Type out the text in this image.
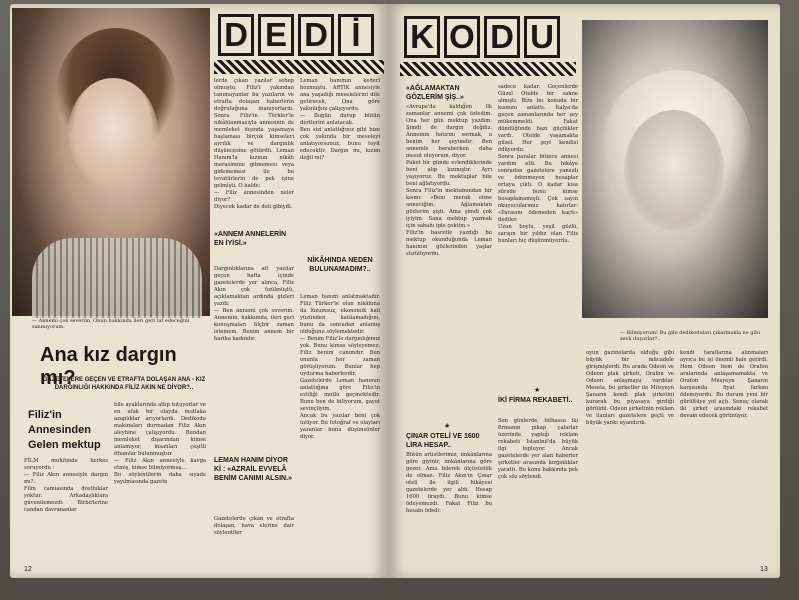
— Annemi çok severim. Onun hakkında ileri geri laf edeceğini sanmıyorum.
D E D İ
Ana kız dargın mı?
GAZETELERE GEÇEN VE ETRAFTA DOLAŞAN ANA - KIZ DARGINLIĞI HAKKINDA FİLİZ AKIN NE DİYOR?..
Filiz'in
Annesinden
Gelen mektup
FİLM muhitinde herkes soruyordu :
— Filiz Akın annesiyle dargın mı?..
Film camiasında dostluklar yoktur. Arkadaşlıklara güvenilemezdi. Birbirlerine candan davrananlar
bile ayaklarında altıp tutuyorlar ve en ufak bir olayda mutlaka azaplıklar arıyorlardı. Dedikodu makinaları durmadan Filiz Akın aleyhine çalışıyordu. Bundan memleket dışarından kimse anlamıyor, insanları çeşitli ithamlar bulunmuştur.
— Filiz Akın annesiyle kavga etmiş, kimse bilmiyormuş...
Bu söylentilerin daha sıyade yayılmasında gazete
lerde çıkan yazılar sebep olmuştu. Filiz'i yakından tanımayanlar bu yazıların ve etrafta dolaşan haberlerin doğruluğuna inanıyorlardı. Sonra Filiz'in Türkler'le nikâhlanmasıyla annesinin de memleket dışında yaşamaya başlaması birçok kimseleri ayrılık ve dargınlık düşüncesine götürdü. Leman Hanım'la kızının nikâh merasimine gitmemesi veya gidememesi ile bu tevatürlerin de pek işine gelmişti. O halde:
— Filiz annesinden neler diyor?
Diyecek kadar de deli gibiydi.
«ANNEM ANNELERİN EN İYİSİ.»
Dargınlıklarına ait yazılar geçen hafta içinde gazetelerde yer alınca, Filiz Akın çok üzülmüştü, açıklamaktan ardında gizleri yazdı:
— Ben annemi çok severim. Annemin, hakkımda, ileri geri konuşmaları hiçbir zaman istemem. Benim annem bir harika kadındır.
LEMAN HANIM DİYOR Kİ : «AZRAİL EVVELÂ BENİM CANIMI ALSIN.»
Gazetelerde çıkan ve etrafta dolaşan, hava elerine dair söylentiler
Leman hanımın kederi bozmuştu. ARTIK annesiyle ana yaşadığı meselelerini dile getirecek, Ona göre yakınlığını çalışıyordu.
— Bugün durup bütün dertlerini anlatacak.
Ben sizi anlattığınız gibi bize çok yakında bir meseleyi anlatıyorsunuz, bunu teyit edecektir. Dargın mı, kızım değil mi?
NİKÂHINDA NEDEN BULUNAMADIM?..
Leman hanım anlatmaktadır. Filiz Türker'le olan nikâhına da lüzumsuz, ekonomik hali yüzünden katılamadığını, bunu da sonradan anlamış olduğunu söylemektedir.
— Benim Filiz'le dargınlığımız yok. Bunu kimse söyleyemez. Filiz benim canımdır. Ben onunla her zaman görüşüyorum. Bunlar hep uydurma haberlerdir.
Gazetelerde Leman hanımın anlattığına göre Filiz'in evliliği mutlu geçmektedir. Bunu ben de biliyorum, gayet sevinçliyim.
Ancak bu yazılar beni çok üzüyor. Bu fotoğraf ve olayları yazanlar bunu düşünsünler diyor.
12
K O D U
— Bilmiyorum! Bu gibi dedikoduları çıkarmakla ne gibi zevk duyorlar?..
«AĞLAMAKTAN GÖZLERİM ŞİŞ..»
«Avrupa'da kaldığım ilk zamanlar annemi çok özledim. Ona her gün mektup yazdım. Şimdi de dargın değiliz. Annemin hatırını sormak, o benim her şeyimdir. Ben annemle beraberken daha mesut oluyorum, diyor.
Paket bir günde evlendiklerinde beni alıp kızmıştır. Ayrı yaşıyoruz. Bu mektuplar bile beni ağlatıyordu.
Sonra Filiz'in mektubundan bir kısmı: «Beni merak etme anneciğim. Ağlamaktan gözlerim şişti. Ama şimdi çok iyiyim. Sana mektup yazmak için sabahı iple çektim.»
Filiz'in hasretle yazdığı bu mektup okunduğunda Leman hanımın gözlerinden yaşlar süzülüyordu.
★
ÇINAR OTELİ VE 1600 LİRA HESAP..
Bütün artistlerimiz, imkânlarına göre giyinir, imkânlarına göre gezer. Ama bilerek ölçüsüzlük de olmaz. Filiz Akın'ın Çınar oteli ile ilgili hikâyesi gazetelerde yer aldı. Hesap 1600 liraydı. Bunu kimse ödeyemezdi. Fakat Filiz bu hesabı ödedi.
sadece kadar. Geçenlerde Güzel Otelde bir sahne almıştı. Bize bu konuda bir kısmını anlattı. İtalya'da geçen zamanlarında her şey mükemmeldi. Fakat döndüğünde bazı güçlükler vardı. Otelde yaşamakta güzel. Her şeyi kendisi ödüyordu.
Sonra paralar bitince annesi yardım etti. Bu hikâye sonradan gazetelere yansıdı ve ödenmeyen hesaplar ortaya çıktı. O kadar kısa sürede bunu kimse hesaplamamıştı. Çok sayın okuyucularımız hatırlar: «Parasını ödemeden kaçtı» dediler.
Uzun boylu, yeşil gözlü, sarışın bir yıldız olan Filiz bunları hiç düşünmüyordu.
★
İKİ FİRMA REKABETİ..
Son günlerde, bilhassa iki firmanın pikap çalarlar üzerinde yaptığı reklam rekabeti Istanbul'da büyük ilgi topluyor. Ancak gazetelerde yer alan haberler şirketler arasında kırgınlıklar yarattı. Bu konu hakkında pek çok söz söylendi.
oyun gazinolarda olduğu gibi büyük bir mücadele girişmişlerdi. Bu arada Odeon ve Odeon plak şirketi, Orafon ve Odeon anlaşmaya vardılar. Mesela, bu şirketler ile Miisyeyn Şanarın kendi plak şirketini kurarak bu piyasaya girdiği görüldü. Odeon şirketinin reklam ve ilanları gazetelere geçti ve büyük yankı uyandırdı.
kendi taraflarına alınmaları ayrıca bu işi önemli hale getirdi. Hem Odeon hem de Orafon aralarında anlaşamamakta ve Orafon Miisyeyn Şanarın karşısında fiyat farkını ödemiyordu. Bu durum yeni bir gürültüye yol açtı. Sonuç olarak iki şirket arasındaki rekabet devam edecek görünüyor.
13
